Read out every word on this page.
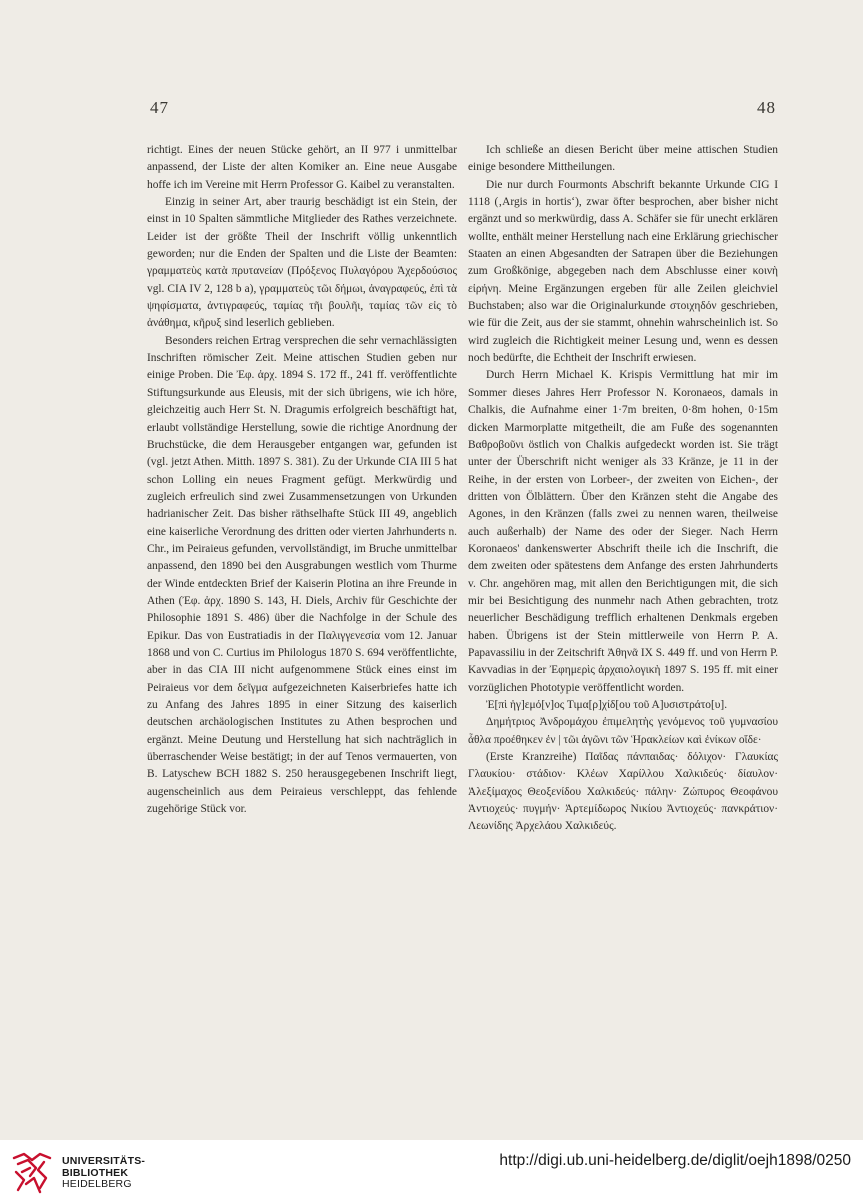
47	48

richtigt. Eines der neuen Stücke gehört, an II 977 i unmittelbar anpassend, der Liste der alten Komiker an. Eine neue Ausgabe hoffe ich im Vereine mit Herrn Professor G. Kaibel zu veranstalten.

Einzig in seiner Art, aber traurig beschädigt ist ein Stein, der einst in 10 Spalten sämmtliche Mitglieder des Rathes verzeichnete. Leider ist der größte Theil der Inschrift völlig unkenntlich geworden; nur die Enden der Spalten und die Liste der Beamten: γραμματεὺς κατὰ πρυτανείαν (Πρόξενος Πυλαγόρου Ἀχερδούσιος vgl. CIA IV 2, 128 b a), γραμματεὺς τῶι δήμωι, ἀναγραφεύς, ἐπὶ τὰ ψηφίσματα, ἀντιγραφεύς, ταμίας τῆι βουλῆι, ταμίας τῶν εἰς τὸ ἀνάθημα, κῆρυξ sind leserlich geblieben.

Besonders reichen Ertrag versprechen die sehr vernachlässigten Inschriften römischer Zeit. Meine attischen Studien geben nur einige Proben. Die Ἐφ. ἀρχ. 1894 S. 172 ff., 241 ff. veröffentlichte Stiftungsurkunde aus Eleusis, mit der sich übrigens, wie ich höre, gleichzeitig auch Herr St. N. Dragumis erfolgreich beschäftigt hat, erlaubt vollständige Herstellung, sowie die richtige Anordnung der Bruchstücke, die dem Herausgeber entgangen war, gefunden ist (vgl. jetzt Athen. Mitth. 1897 S. 381). Zu der Urkunde CIA III 5 hat schon Lolling ein neues Fragment gefügt. Merkwürdig und zugleich erfreulich sind zwei Zusammensetzungen von Urkunden hadrianischer Zeit. Das bisher räthselhafte Stück III 49, angeblich eine kaiserliche Verordnung des dritten oder vierten Jahrhunderts n. Chr., im Peiraieus gefunden, vervollständigt, im Bruche unmittelbar anpassend, den 1890 bei den Ausgrabungen westlich vom Thurme der Winde entdeckten Brief der Kaiserin Plotina an ihre Freunde in Athen (Ἐφ. ἀρχ. 1890 S. 143, H. Diels, Archiv für Geschichte der Philosophie 1891 S. 486) über die Nachfolge in der Schule des Epikur. Das von Eustratiadis in der Παλιγγενεσία vom 12. Januar 1868 und von C. Curtius im Philologus 1870 S. 694 veröffentlichte, aber in das CIA III nicht aufgenommene Stück eines einst im Peiraieus vor dem δεῖγμα aufgezeichneten Kaiserbriefes hatte ich zu Anfang des Jahres 1895 in einer Sitzung des kaiserlich deutschen archäologischen Institutes zu Athen besprochen und ergänzt. Meine Deutung und Herstellung hat sich nachträglich in überraschender Weise bestätigt; in der auf Tenos vermauerten, von B. Latyschew BCH 1882 S. 250 herausgegebenen Inschrift liegt, augenscheinlich aus dem Peiraieus verschleppt, das fehlende zugehörige Stück vor.

Ich schließe an diesen Bericht über meine attischen Studien einige besondere Mittheilungen.

Die nur durch Fourmonts Abschrift bekannte Urkunde CIG I 1118 (‚Argis in hortis‘), zwar öfter besprochen, aber bisher nicht ergänzt und so merkwürdig, dass A. Schäfer sie für unecht erklären wollte, enthält meiner Herstellung nach eine Erklärung griechischer Staaten an einen Abgesandten der Satrapen über die Beziehungen zum Großkönige, abgegeben nach dem Abschlusse einer κοινὴ εἰρήνη. Meine Ergänzungen ergeben für alle Zeilen gleichviel Buchstaben; also war die Originalurkunde στοιχηδόν geschrieben, wie für die Zeit, aus der sie stammt, ohnehin wahrscheinlich ist. So wird zugleich die Richtigkeit meiner Lesung und, wenn es dessen noch bedürfte, die Echtheit der Inschrift erwiesen.

Durch Herrn Michael K. Krispis Vermittlung hat mir im Sommer dieses Jahres Herr Professor N. Koronaeos, damals in Chalkis, die Aufnahme einer 1·7m breiten, 0·8m hohen, 0·15m dicken Marmorplatte mitgetheilt, die am Fuße des sogenannten Βαθροβοῦνι östlich von Chalkis aufgedeckt worden ist. Sie trägt unter der Überschrift nicht weniger als 33 Kränze, je 11 in der Reihe, in der ersten von Lorbeer-, der zweiten von Eichen-, der dritten von Ölblättern. Über den Kränzen steht die Angabe des Agones, in den Kränzen (falls zwei zu nennen waren, theilweise auch außerhalb) der Name des oder der Sieger. Nach Herrn Koronaeos' dankenswerter Abschrift theile ich die Inschrift, die dem zweiten oder spätestens dem Anfange des ersten Jahrhunderts v. Chr. angehören mag, mit allen den Berichtigungen mit, die sich mir bei Besichtigung des nunmehr nach Athen gebrachten, trotz neuerlicher Beschädigung trefflich erhaltenen Denkmals ergeben haben. Übrigens ist der Stein mittlerweile von Herrn P. A. Papavassiliu in der Zeitschrift Ἀθηνᾶ IX S. 449 ff. und von Herrn P. Kavvadias in der Ἐφημερὶς ἀρχαιολογικὴ 1897 S. 195 ff. mit einer vorzüglichen Phototypie veröffentlicht worden.

Ἐ[πὶ ἡγ]εμό[ν]ος Τιμα[ρ]χίδ[ου τοῦ Α]υσιστράτο[υ].

Δημήτριος Ἀνδρομάχου ἐπιμελητὴς γενόμενος τοῦ γυμνασίου ἆθλα προέθηκεν ἐν | τῶι ἀγῶνι τῶν Ἡρακλείων καὶ ἐνίκων οἵδε·

(Erste Kranzreihe) Παῖδας πάνπαιδας· δόλιχον· Γλαυκίας Γλαυκίου· στάδιον· Κλέων Χαρίλλου Χαλκιδεύς· δίαυλον· Ἀλεξίμαχος Θεοξενίδου Χαλκιδεύς· πάλην· Ζώπυρος Θεοφάνου Ἀντιοχεύς· πυγμήν· Ἀρτεμίδωρος Νικίου Ἀντιοχεύς· πανκράτιον· Λεωνίδης Ἀρχελάου Χαλκιδεύς.

UNIVERSITÄTS-
BIBLIOTHEK
HEIDELBERG
http://digi.ub.uni-heidelberg.de/diglit/oejh1898/0250
